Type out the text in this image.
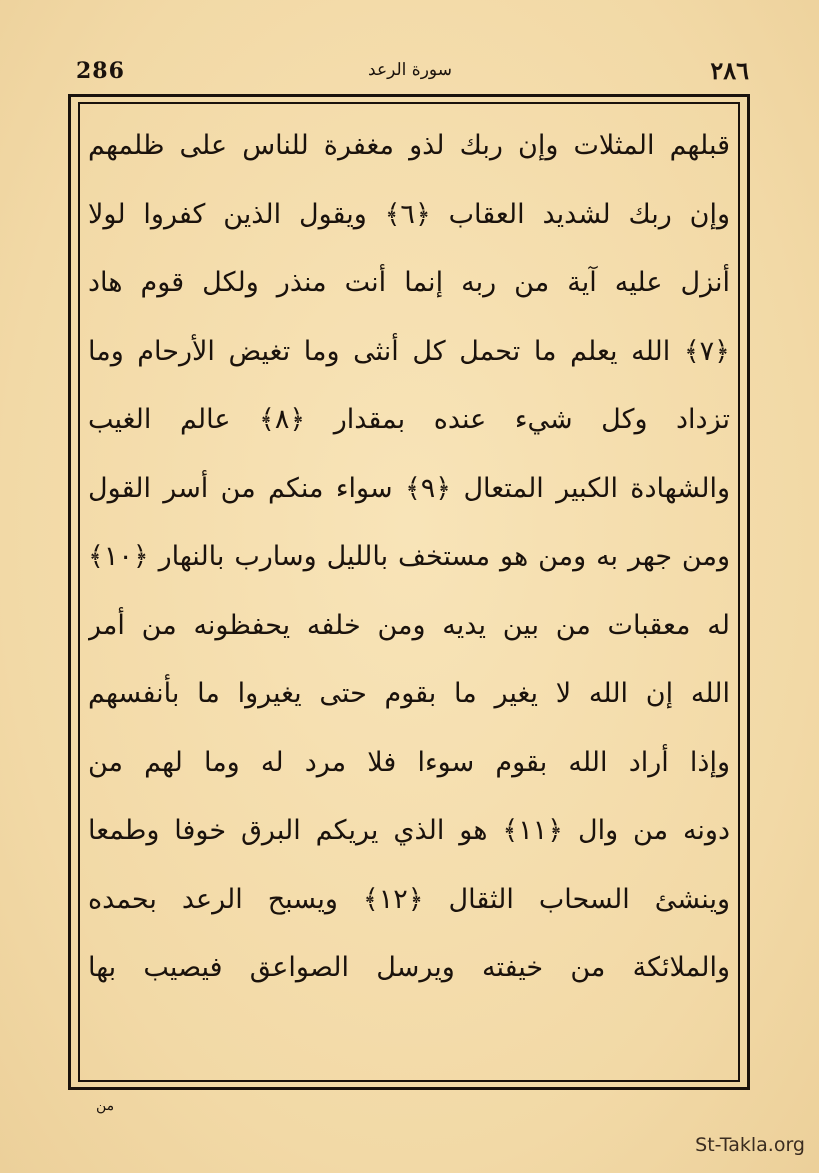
286	سورة الرعد	٢٨٦
قبلهم المثلات وإن ربك لذو مغفرة للناس على ظلمهم
وإن ربك لشديد العقاب ﴿٦﴾ ويقول الذين كفروا لولا
أنزل عليه آية من ربه إنما أنت منذر ولكل قوم هاد
﴿٧﴾ الله يعلم ما تحمل كل أنثى وما تغيض الأرحام وما
تزداد وكل شيء عنده بمقدار ﴿٨﴾ عالم الغيب
والشهادة الكبير المتعال ﴿٩﴾ سواء منكم من أسر القول
ومن جهر به ومن هو مستخف بالليل وسارب بالنهار ﴿١٠﴾
له معقبات من بين يديه ومن خلفه يحفظونه من أمر
الله إن الله لا يغير ما بقوم حتى يغيروا ما بأنفسهم
وإذا أراد الله بقوم سوءا فلا مرد له وما لهم من
دونه من وال ﴿١١﴾ هو الذي يريكم البرق خوفا وطمعا
وينشئ السحاب الثقال ﴿١٢﴾ ويسبح الرعد بحمده
والملائكة من خيفته ويرسل الصواعق فيصيب بها
من
St-Takla.org
